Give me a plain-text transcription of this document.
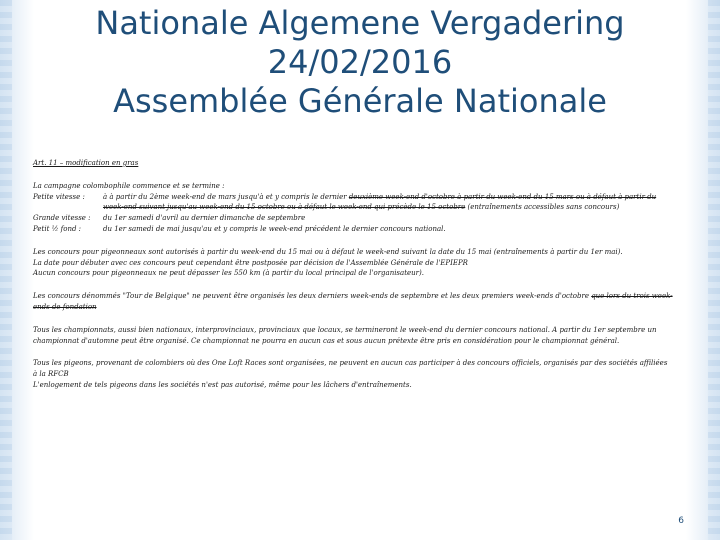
Nationale Algemene Vergadering
24/02/2016
Assemblée Générale Nationale
Art. 11 – modification en gras

La campagne colombophile commence et se termine :

Petite vitesse :	à à partir du 2ème week-end de mars jusqu'à et y compris le dernier deuxième week-end d'octobre à partir du week-end du 15 mars ou à défaut à partir du week-end suivant jusqu'au week-end du 15 octobre ou à défaut le week-end qui précède le 15 octobre (entraînements accessibles sans concours)
Grande vitesse :	du 1er samedi d'avril au dernier dimanche de septembre
Petit ½ fond :	du 1er samedi de mai jusqu'au et y compris le week-end précédent le dernier concours national.

Les concours pour pigeonneaux sont autorisés à partir du week-end du 15 mai ou à défaut le week-end suivant la date du 15 mai (entraînements à partir du 1er mai).

La date pour débuter avec ces concours peut cependant être postposée par décision de l'Assemblée Générale de l'EPIEPR

Aucun concours pour pigeonneaux ne peut dépasser les 550 km (à partir du local principal de l'organisateur).

Les concours dénommés "Tour de Belgique" ne peuvent être organisés les deux derniers week-ends de septembre et les deux premiers week-ends d'octobre que lors du trois week-ends de fondation

Tous les championnats, aussi bien nationaux, interprovinciaux, provinciaux que locaux, se termineront le week-end du dernier concours national. A partir du 1er septembre un championnat d'automne peut être organisé. Ce championnat ne pourra en aucun cas et sous aucun prétexte être pris en considération pour le championnat général.

Tous les pigeons, provenant de colombiers où des One Loft Races sont organisées, ne peuvent en aucun cas participer à des concours officiels, organisés par des sociétés affiliées à la RFCB

L'enlogement de tels pigeons dans les sociétés n'est pas autorisé, même pour les lâchers d'entraînements.

6
